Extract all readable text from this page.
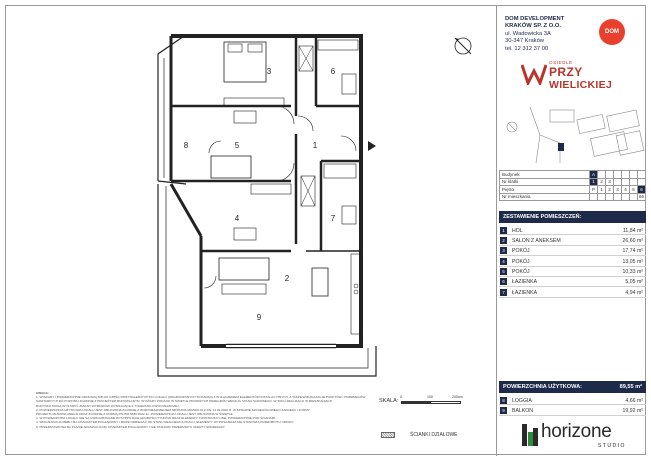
3	6
5	1
8
4	7
2
9
UWAGA:
1. WYMIARY I POWIERZCHNIE ODNOSZĄ SIĘ DO CZĘŚCI PRZYNALEŻNYCH DO LOKALU (ODGRODZONYCH ŚCIANAMI) Z WYŁĄCZENIEM ELEMENTÓW INSTALACYJNYCH, A TAKŻE WIZUALIZACJE PUNKTÓW I PRZEBIEGÓW
SANITARNYCH DO POZIOMU ZGODNIE Z PROJEKTEM BUDOWLANYM. WYMIARY PODANO W ŚWIETLE PROWIZYCH PRZEGRÓD WEDŁUG STANU SUROWEGO. W TOKU REALIZACJI W MIESZKANIACH
BUDYNKU MOGĄ WYSTĄPIĆ ZMIANY WYMIARÓW WYNIKAJĄCE Z TOLERANCJI WYKONAWCZEJ.
2. POWIERZCHNIA UŻYTKOWA LOKALU JEST OBLICZONA ZGODNIE Z ROZPORZĄDZENIEM MINISTRA ROZWOJU Z DN. 11.09.2020 R. W SPRAWIE SZCZEGÓŁOWEGO ZAKRESU I FORMY
PROJEKTU BUDOWLANEGO ORAZ ZGODNIE Z NORMĄ PN-ISO 9836:2022-11. POWIERZCHNIA LOKALU JEST OBLICZONA W ŚWIETLE
3. W POWIERZCHNI LOKALU NIE SĄ UWZGLĘDNIANE WYSTĘPUJĄCE GRUBOŚCI TYNKÓW ORAZ ELEMENTY KONSTRUKCYJNE, POWIERZCHNIE POD ŚCIANAMI.
4. WIZUALIZACJA MEBLI MA CHARAKTER POGLĄDOWY I MOŻE ODBIEGAĆ OD STANU REALNEGO LOKALU. ELEMENTY WYPOSAŻENIA NIE STANOWIĄ PRZEDMIOTU UMOWY.
5. PRZEDSTAWIONA NA PLANIE ARANŻACJA MA CHARAKTER POGLĄDOWY I NIE STANOWI PRZEDMIOTU OFERTY SPRZEDAŻY.
SKALA:
0	100	200cm
ŚCIANKI DZIAŁOWE
DOM DEVELOPMENT
KRAKÓW SP. Z O.O.
ul. Wadowicka 3A
30-347 Kraków
tel. 12 312 37 00
DOM
OSIEDLE
PRZY
WIELICKIEJ
Budynek	A						
Nr klatki	1	2	3				
Piętro	P	1	2	3	4	5	6
Nr mieszkania							66
ZESTAWIENIE POMIESZCZEŃ:
1	HOL	11,84 m²
2	SALON Z ANEKSEM	26,60 m²
3	POKÓJ	17,74 m²
4	POKÓJ	13,05 m²
5	POKÓJ	10,33 m²
6	ŁAZIENKA	5,05 m²
7	ŁAZIENKA	4,94 m²
POWIERZCHNIA UŻYTKOWA:	89,55 m²
8	LOGGIA	4,66 m²
9	BALKON	19,92 m²
horizone
STUDIO
